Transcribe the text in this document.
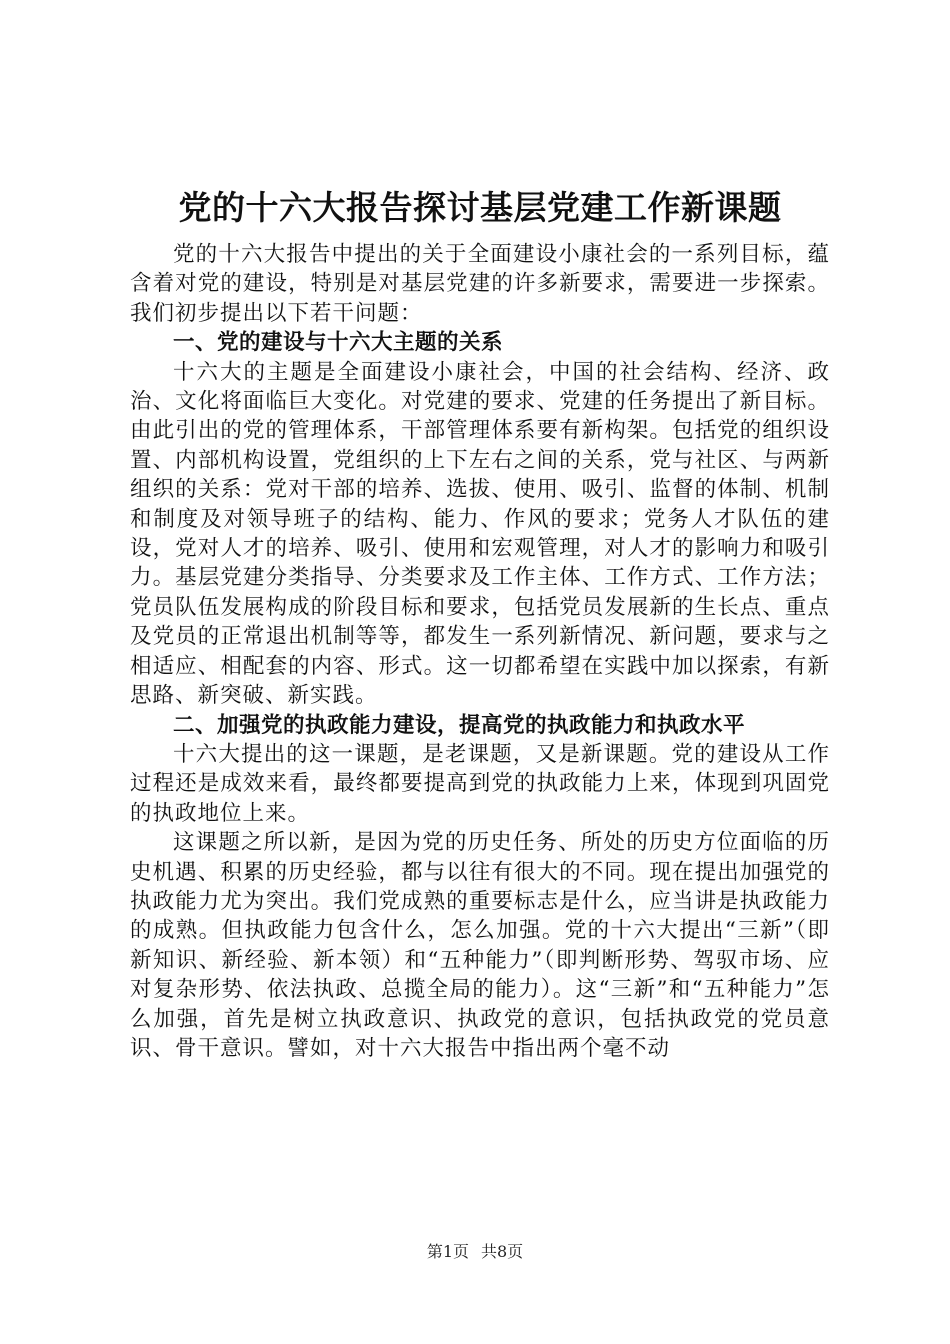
党的十六大报告探讨基层党建工作新课题

党的十六大报告中提出的关于全面建设小康社会的一系列目标，蕴含着对党的建设，特别是对基层党建的许多新要求，需要进一步探索。我们初步提出以下若干问题：

一、党的建设与十六大主题的关系

十六大的主题是全面建设小康社会，中国的社会结构、经济、政治、文化将面临巨大变化。对党建的要求、党建的任务提出了新目标。由此引出的党的管理体系，干部管理体系要有新构架。包括党的组织设置、内部机构设置，党组织的上下左右之间的关系，党与社区、与两新组织的关系：党对干部的培养、选拔、使用、吸引、监督的体制、机制和制度及对领导班子的结构、能力、作风的要求；党务人才队伍的建设，党对人才的培养、吸引、使用和宏观管理，对人才的影响力和吸引力。基层党建分类指导、分类要求及工作主体、工作方式、工作方法；党员队伍发展构成的阶段目标和要求，包括党员发展新的生长点、重点及党员的正常退出机制等等，都发生一系列新情况、新问题，要求与之相适应、相配套的内容、形式。这一切都希望在实践中加以探索，有新思路、新突破、新实践。

二、加强党的执政能力建设，提高党的执政能力和执政水平

十六大提出的这一课题，是老课题，又是新课题。党的建设从工作过程还是成效来看，最终都要提高到党的执政能力上来，体现到巩固党的执政地位上来。

这课题之所以新，是因为党的历史任务、所处的历史方位面临的历史机遇、积累的历史经验，都与以往有很大的不同。现在提出加强党的执政能力尤为突出。我们党成熟的重要标志是什么，应当讲是执政能力的成熟。但执政能力包含什么，怎么加强。党的十六大提出“三新”（即新知识、新经验、新本领）和“五种能力”（即判断形势、驾驭市场、应对复杂形势、依法执政、总揽全局的能力）。这“三新”和“五种能力”怎么加强，首先是树立执政意识、执政党的意识，包括执政党的党员意识、骨干意识。譬如，对十六大报告中指出两个毫不动

第1页 共8页
